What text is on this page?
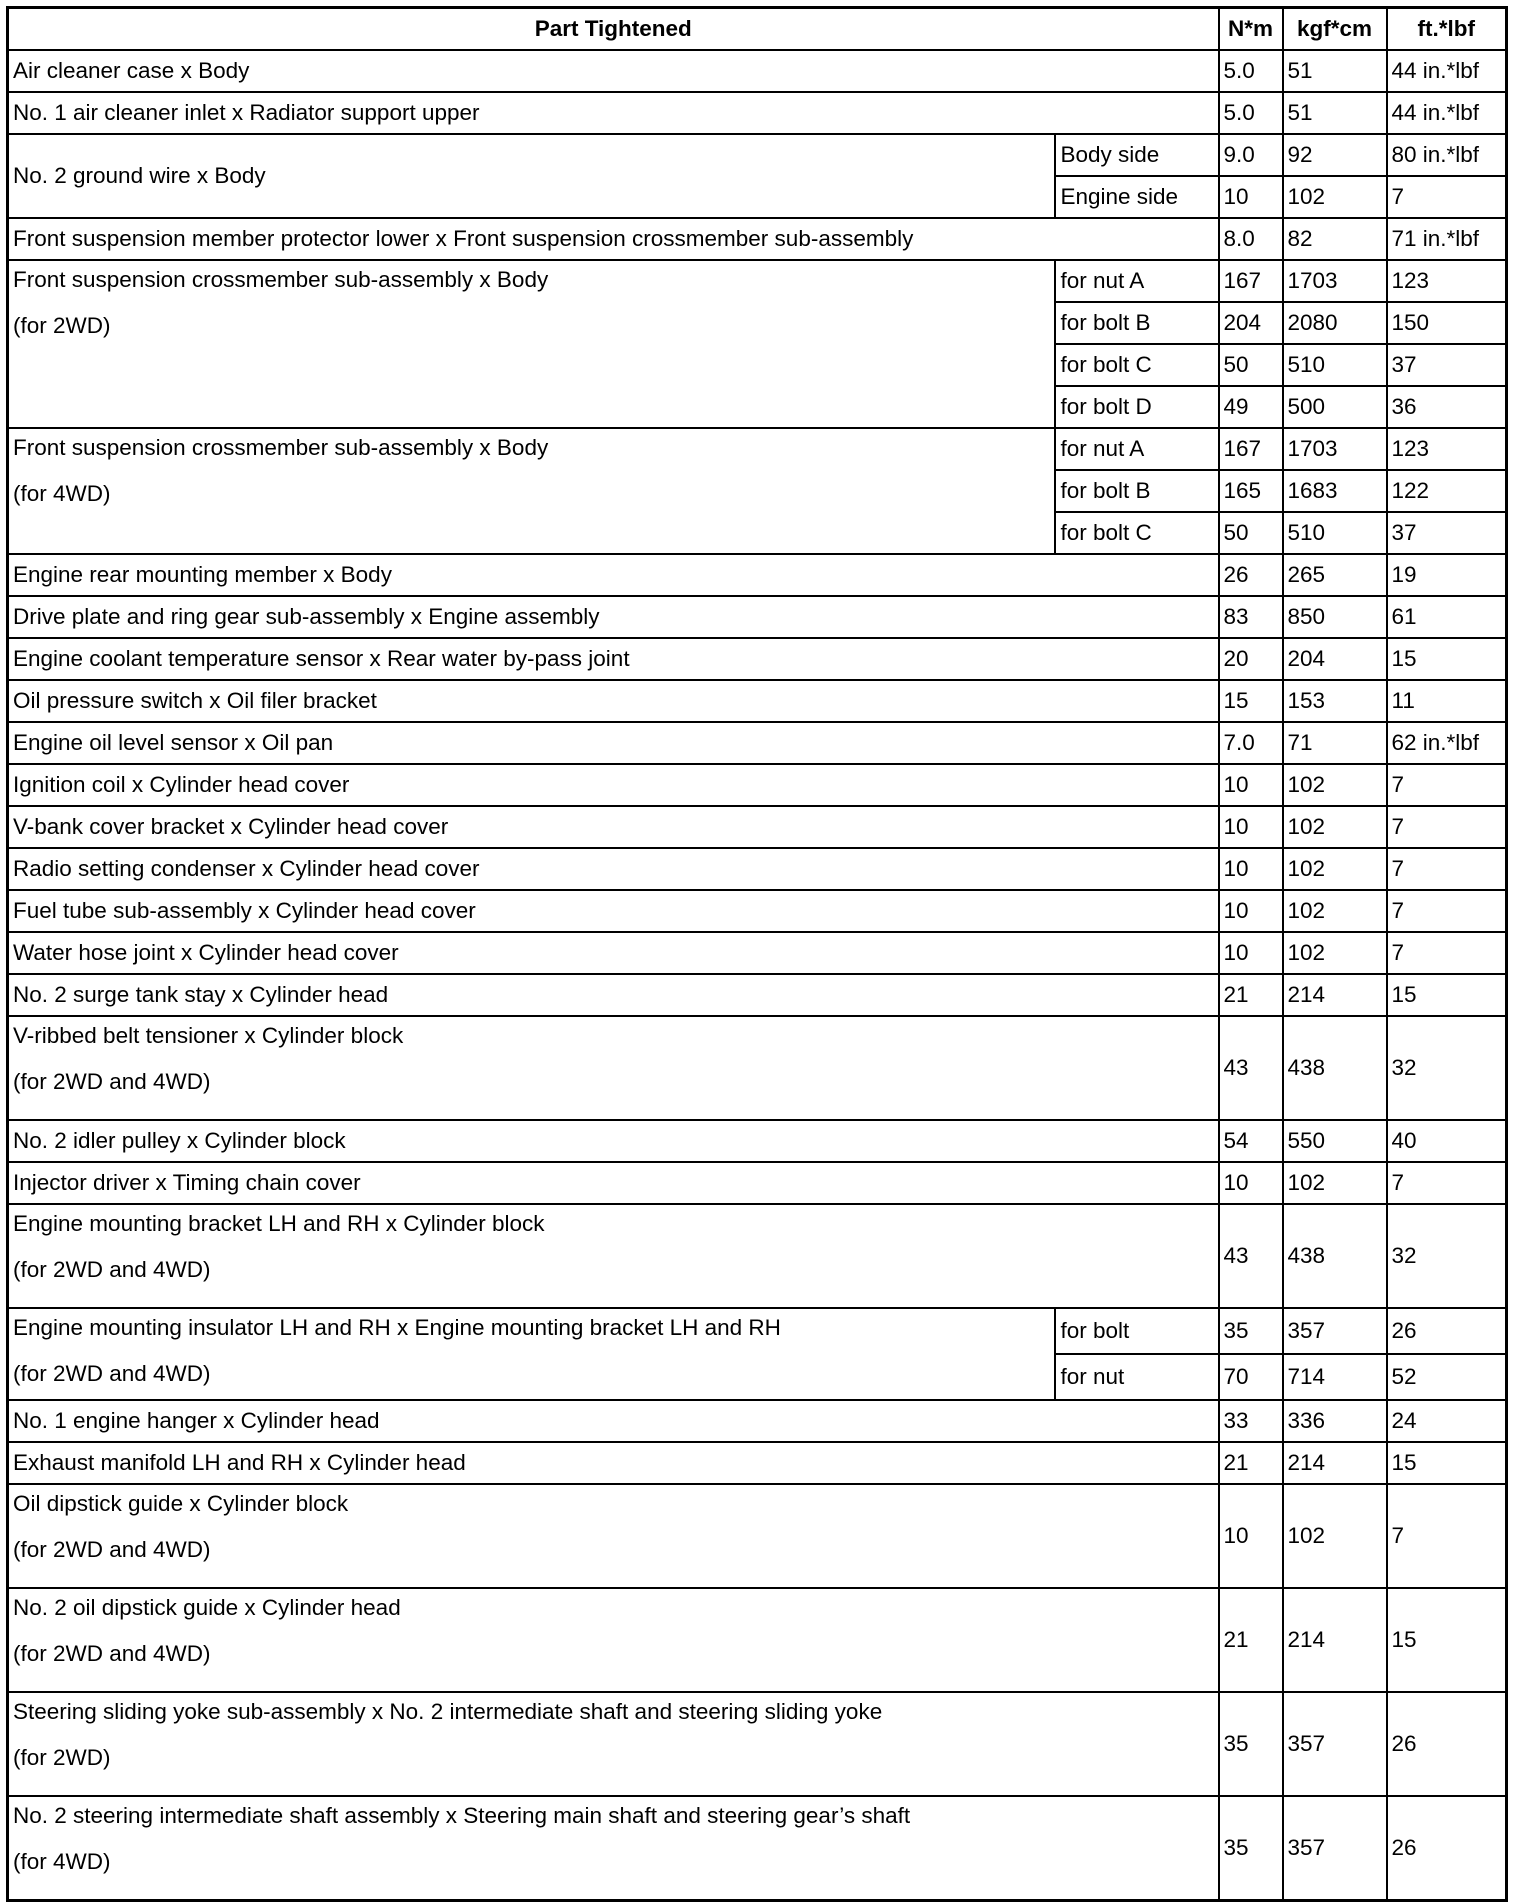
Part Tightened		N*m	kgf*cm	ft.*lbf

Air cleaner case x Body		5.0	51	44 in.*lbf

No. 1 air cleaner inlet x Radiator support upper		5.0	51	44 in.*lbf

No. 2 ground wire x Body	Body side	9.0	92	80 in.*lbf
	Engine side	10	102	7

Front suspension member protector lower x Front suspension crossmember sub-assembly		8.0	82	71 in.*lbf

Front suspension crossmember sub-assembly x Body
(for 2WD)	for nut A	167	1703	123
	for bolt B	204	2080	150
	for bolt C	50	510	37
	for bolt D	49	500	36

Front suspension crossmember sub-assembly x Body
(for 4WD)	for nut A	167	1703	123
	for bolt B	165	1683	122
	for bolt C	50	510	37

Engine rear mounting member x Body		26	265	19

Drive plate and ring gear sub-assembly x Engine assembly		83	850	61

Engine coolant temperature sensor x Rear water by-pass joint		20	204	15

Oil pressure switch x Oil filer bracket		15	153	11

Engine oil level sensor x Oil pan		7.0	71	62 in.*lbf

Ignition coil x Cylinder head cover		10	102	7

V-bank cover bracket x Cylinder head cover		10	102	7

Radio setting condenser x Cylinder head cover		10	102	7

Fuel tube sub-assembly x Cylinder head cover		10	102	7

Water hose joint x Cylinder head cover		10	102	7

No. 2 surge tank stay x Cylinder head		21	214	15

V-ribbed belt tensioner x Cylinder block
(for 2WD and 4WD)		43	438	32

No. 2 idler pulley x Cylinder block		54	550	40

Injector driver x Timing chain cover		10	102	7

Engine mounting bracket LH and RH x Cylinder block
(for 2WD and 4WD)		43	438	32

Engine mounting insulator LH and RH x Engine mounting bracket LH and RH
(for 2WD and 4WD)	for bolt	35	357	26
	for nut	70	714	52

No. 1 engine hanger x Cylinder head		33	336	24

Exhaust manifold LH and RH x Cylinder head		21	214	15

Oil dipstick guide x Cylinder block
(for 2WD and 4WD)		10	102	7

No. 2 oil dipstick guide x Cylinder head
(for 2WD and 4WD)		21	214	15

Steering sliding yoke sub-assembly x No. 2 intermediate shaft and steering sliding yoke
(for 2WD)		35	357	26

No. 2 steering intermediate shaft assembly x Steering main shaft and steering gear’s shaft
(for 4WD)		35	357	26
